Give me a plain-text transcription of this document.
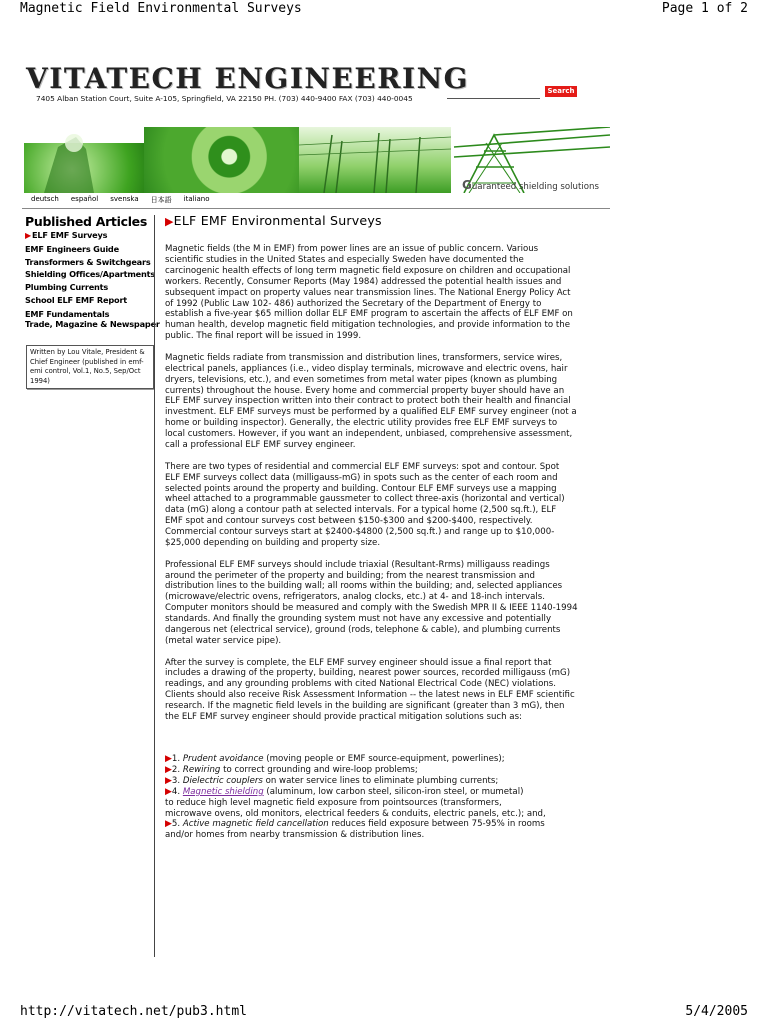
Magnetic Field Environmental Surveys	Page 1 of 2
VITATECH ENGINEERING
7405 Alban Station Court, Suite A-105, Springfield, VA 22150 PH. (703) 440-9400 FAX (703) 440-0045
Search
Guaranteed shielding solutions
deutsch español svenska 日本語 italiano
Published Articles
▶ELF EMF Surveys
EMF Engineers Guide
Transformers & Switchgears
Shielding Offices/Apartments
Plumbing Currents
School ELF EMF Report
EMF Fundamentals
Trade, Magazine & Newspaper
Written by Lou Vitale, President & Chief Engineer (published in emf-emi control, Vol.1, No.5, Sep/Oct 1994)
▶ELF EMF Environmental Surveys

Magnetic fields (the M in EMF) from power lines are an issue of public concern. Various
scientific studies in the United States and especially Sweden have documented the
carcinogenic health effects of long term magnetic field exposure on children and occupational
workers. Recently, Consumer Reports (May 1984) addressed the potential health issues and
subsequent impact on property values near transmission lines. The National Energy Policy Act
of 1992 (Public Law 102- 486) authorized the Secretary of the Department of Energy to
establish a five-year $65 million dollar ELF EMF program to ascertain the affects of ELF EMF on
human health, develop magnetic field mitigation technologies, and provide information to the
public. The final report will be issued in 1999.

Magnetic fields radiate from transmission and distribution lines, transformers, service wires,
electrical panels, appliances (i.e., video display terminals, microwave and electric ovens, hair
dryers, televisions, etc.), and even sometimes from metal water pipes (known as plumbing
currents) throughout the house. Every home and commercial property buyer should have an
ELF EMF survey inspection written into their contract to protect both their health and financial
investment. ELF EMF surveys must be performed by a qualified ELF EMF survey engineer (not a
home or building inspector). Generally, the electric utility provides free ELF EMF surveys to
local customers. However, if you want an independent, unbiased, comprehensive assessment,
call a professional ELF EMF survey engineer.

There are two types of residential and commercial ELF EMF surveys: spot and contour. Spot
ELF EMF surveys collect data (milligauss-mG) in spots such as the center of each room and
selected points around the property and building. Contour ELF EMF surveys use a mapping
wheel attached to a programmable gaussmeter to collect three-axis (horizontal and vertical)
data (mG) along a contour path at selected intervals. For a typical home (2,500 sq.ft.), ELF
EMF spot and contour surveys cost between $150-$300 and $200-$400, respectively.
Commercial contour surveys start at $2400-$4800 (2,500 sq.ft.) and range up to $10,000-
$25,000 depending on building and property size.

Professional ELF EMF surveys should include triaxial (Resultant-Rrms) milligauss readings
around the perimeter of the property and building; from the nearest transmission and
distribution lines to the building wall; all rooms within the building; and, selected appliances
(microwave/electric ovens, refrigerators, analog clocks, etc.) at 4- and 18-inch intervals.
Computer monitors should be measured and comply with the Swedish MPR II & IEEE 1140-1994
standards. And finally the grounding system must not have any excessive and potentially
dangerous net (electrical service), ground (rods, telephone & cable), and plumbing currents
(metal water service pipe).

After the survey is complete, the ELF EMF survey engineer should issue a final report that
includes a drawing of the property, building, nearest power sources, recorded milligauss (mG)
readings, and any grounding problems with cited National Electrical Code (NEC) violations.
Clients should also receive Risk Assessment Information -- the latest news in ELF EMF scientific
research. If the magnetic field levels in the building are significant (greater than 3 mG), then
the ELF EMF survey engineer should provide practical mitigation solutions such as:

▶1. Prudent avoidance (moving people or EMF source-equipment, powerlines);
▶2. Rewiring to correct grounding and wire-loop problems;
▶3. Dielectric couplers on water service lines to eliminate plumbing currents;
▶4. Magnetic shielding (aluminum, low carbon steel, silicon-iron steel, or mumetal)
to reduce high level magnetic field exposure from pointsources (transformers,
microwave ovens, old monitors, electrical feeders & conduits, electric panels, etc.); and,
▶5. Active magnetic field cancellation reduces field exposure between 75-95% in rooms
and/or homes from nearby transmission & distribution lines.
http://vitatech.net/pub3.html	5/4/2005
